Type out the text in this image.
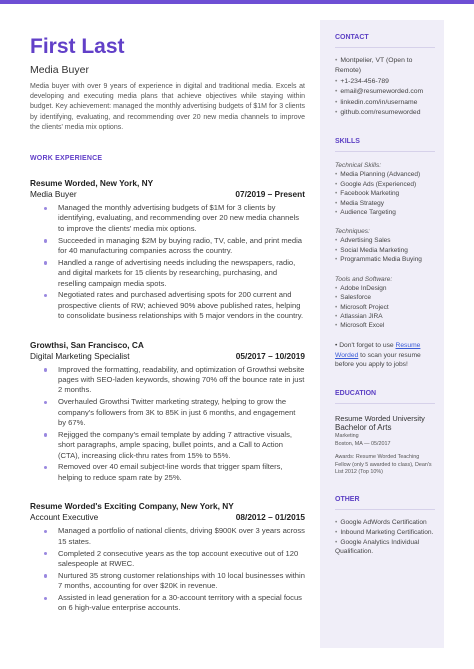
First Last
Media Buyer
Media buyer with over 9 years of experience in digital and traditional media. Excels at developing and executing media plans that achieve objectives while staying within budget. Key achievement: managed the monthly advertising budgets of $1M for 3 clients by identifying, evaluating, and recommending over 20 new media channels to improve the clients' media mix options.
WORK EXPERIENCE
Resume Worded, New York, NY
Media Buyer	07/2019 – Present
Managed the monthly advertising budgets of $1M for 3 clients by identifying, evaluating, and recommending over 20 new media channels to improve the clients' media mix options.
Succeeded in managing $2M by buying radio, TV, cable, and print media for 40 manufacturing companies across the country.
Handled a range of advertising needs including the newspapers, radio, and digital markets for 15 clients by researching, purchasing, and reselling campaign media spots.
Negotiated rates and purchased advertising spots for 200 current and prospective clients of RW; achieved 90% above published rates, helping to consolidate business relationships with 5 major vendors in the country.
Growthsi, San Francisco, CA
Digital Marketing Specialist	05/2017 – 10/2019
Improved the formatting, readability, and optimization of Growthsi website pages with SEO-laden keywords, showing 70% off the bounce rate in just 2 months.
Overhauled Growthsi Twitter marketing strategy, helping to grow the company's followers from 3K to 85K in just 6 months, and engagement by 67%.
Rejigged the company's email template by adding 7 attractive visuals, short paragraphs, ample spacing, bullet points, and a Call to Action (CTA), increasing click-thru rates from 15% to 55%.
Removed over 40 email subject-line words that trigger spam filters, helping to reduce spam rate by 25%.
Resume Worded's Exciting Company, New York, NY
Account Executive	08/2012 – 01/2015
Managed a portfolio of national clients, driving $900K over 3 years across 15 states.
Completed 2 consecutive years as the top account executive out of 120 salespeople at RWEC.
Nurtured 35 strong customer relationships with 10 local businesses within 7 months, accounting for over $20K in revenue.
Assisted in lead generation for a 30-account territory with a special focus on 6 high-value enterprise accounts.
CONTACT
• Montpelier, VT (Open to Remote)
• +1-234-456-789
• email@resumeworded.com
• linkedin.com/in/username
• github.com/resumeworded
SKILLS
Technical Skills:
• Media Planning (Advanced)
• Google Ads (Experienced)
• Facebook Marketing
• Media Strategy
• Audience Targeting
Techniques:
• Advertising Sales
• Social Media Marketing
• Programmatic Media Buying
Tools and Software:
• Adobe InDesign
• Salesforce
• Microsoft Project
• Atlassian JIRA
• Microsoft Excel
• Don't forget to use Resume Worded to scan your resume before you apply to jobs!
EDUCATION
Resume Worded University
Bachelor of Arts
Marketing
Boston, MA — 05/2017
Awards: Resume Worded Teaching Fellow (only 5 awarded to class), Dean's List 2012 (Top 10%)
OTHER
• Google AdWords Certification
• Inbound Marketing Certification.
• Google Analytics Individual Qualification.
